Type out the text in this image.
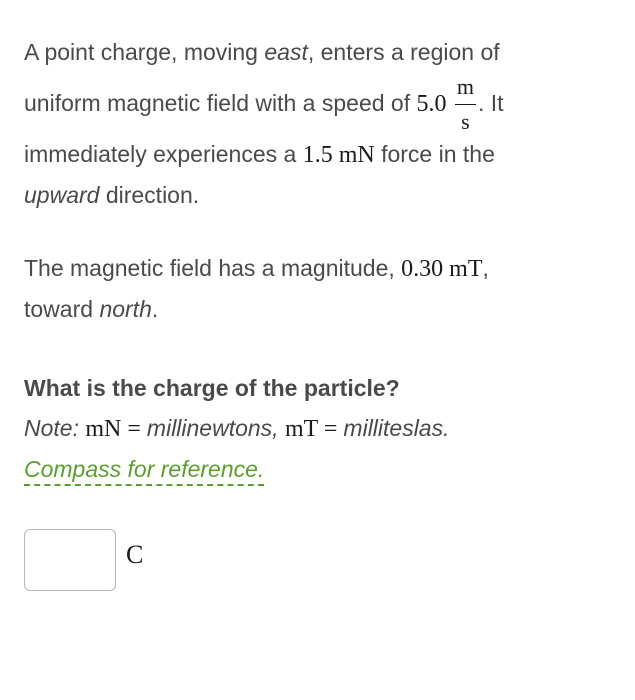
A point charge, moving east, enters a region of
uniform magnetic field with a speed of $5.0 \frac{m}{s}$ . It
immediately experiences a 1.5 mN force in the
upward direction.
The magnetic field has a magnitude, 0.30 mT,
toward north.
What is the charge of the particle?
Note: mN = millinewtons, mT = milliteslas.
Compass for reference.
C
